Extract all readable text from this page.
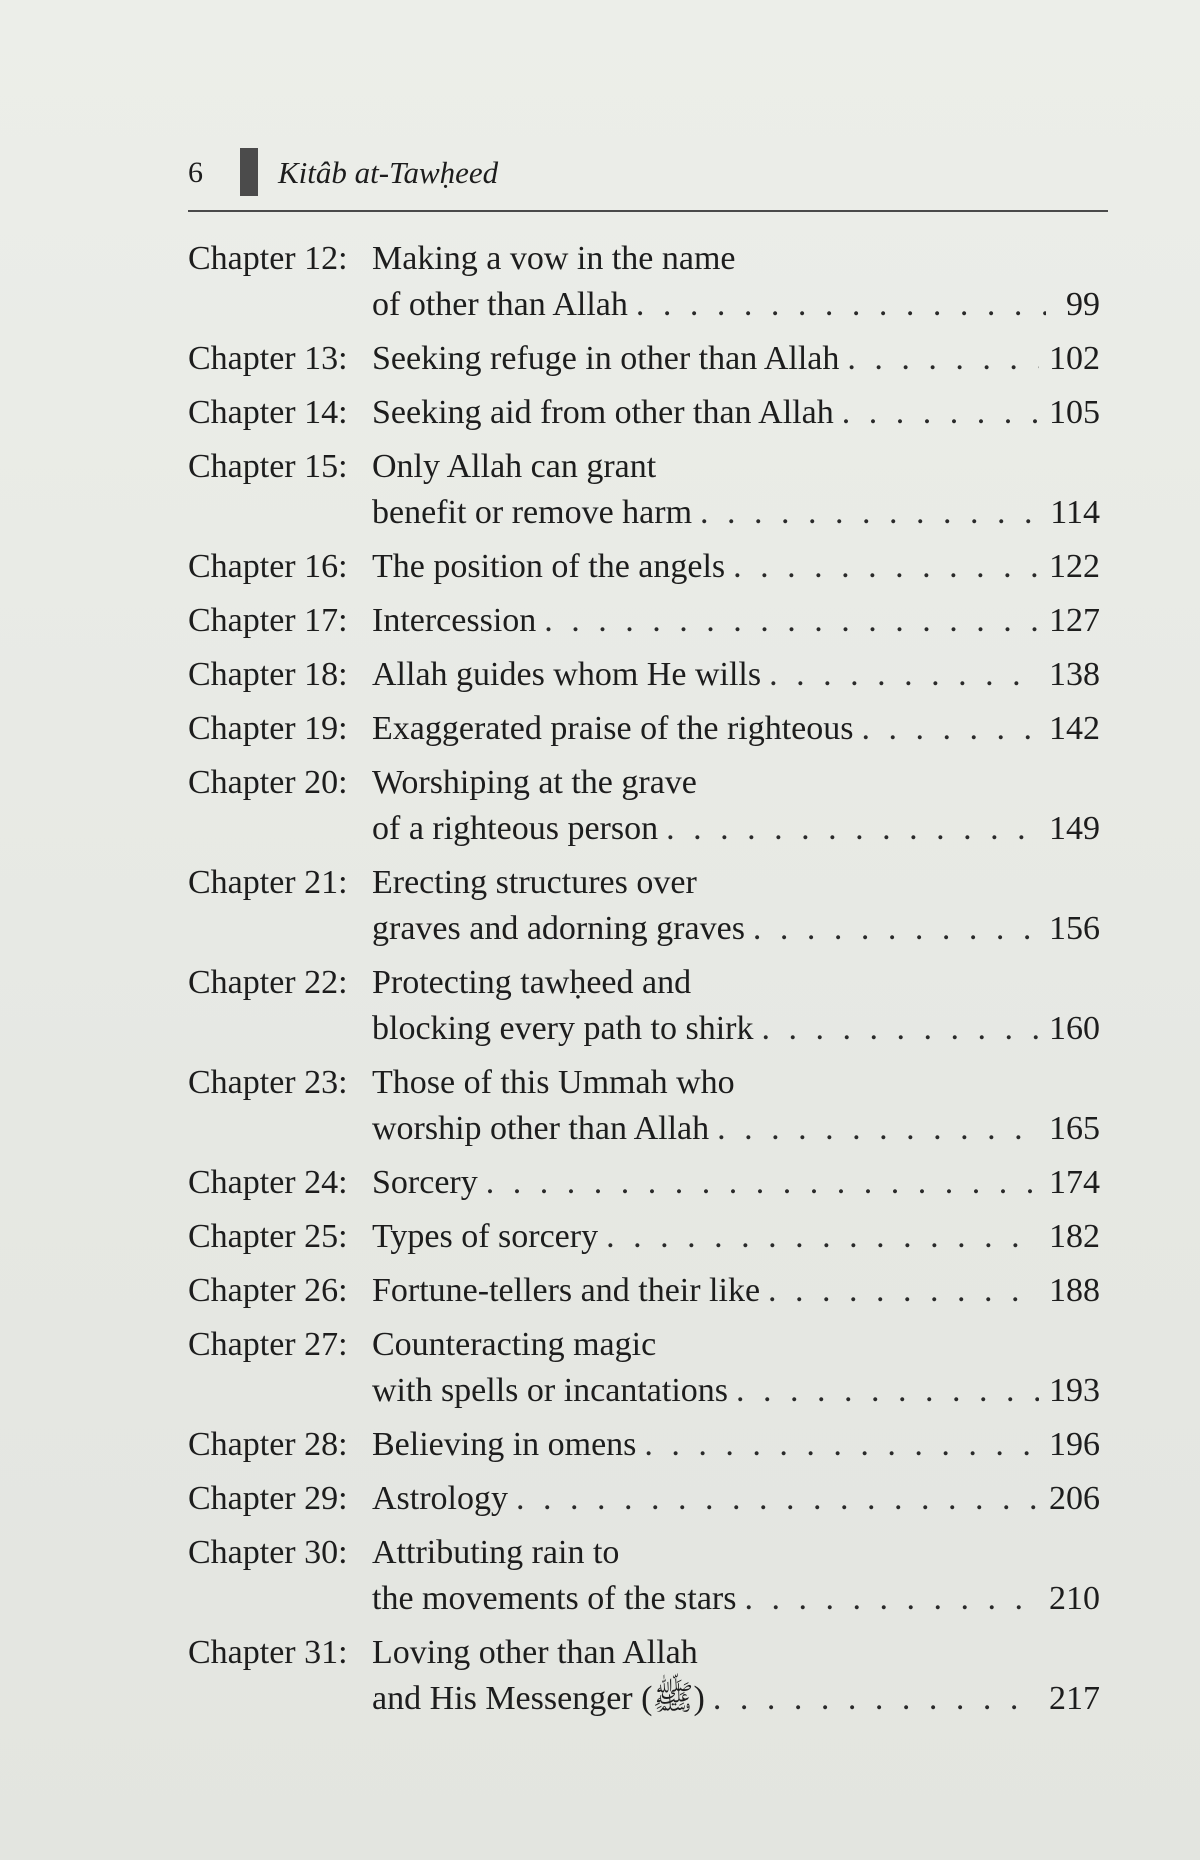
6 Kitâb at-Tawḥeed
Chapter 12: Making a vow in the name
of other than Allah . . .	99
Chapter 13: Seeking refuge in other than Allah . . .	102
Chapter 14: Seeking aid from other than Allah . . .	105
Chapter 15: Only Allah can grant
benefit or remove harm . . .	114
Chapter 16: The position of the angels . . .	122
Chapter 17: Intercession . . .	127
Chapter 18: Allah guides whom He wills . . .	138
Chapter 19: Exaggerated praise of the righteous . . .	142
Chapter 20: Worshiping at the grave
of a righteous person . . .	149
Chapter 21: Erecting structures over
graves and adorning graves . . .	156
Chapter 22: Protecting tawḥeed and
blocking every path to shirk . . .	160
Chapter 23: Those of this Ummah who
worship other than Allah . . .	165
Chapter 24: Sorcery . . .	174
Chapter 25: Types of sorcery . . .	182
Chapter 26: Fortune-tellers and their like . . .	188
Chapter 27: Counteracting magic
with spells or incantations . . .	193
Chapter 28: Believing in omens . . .	196
Chapter 29: Astrology . . .	206
Chapter 30: Attributing rain to
the movements of the stars . . .	210
Chapter 31: Loving other than Allah
and His Messenger (ﷺ) . . .	217
